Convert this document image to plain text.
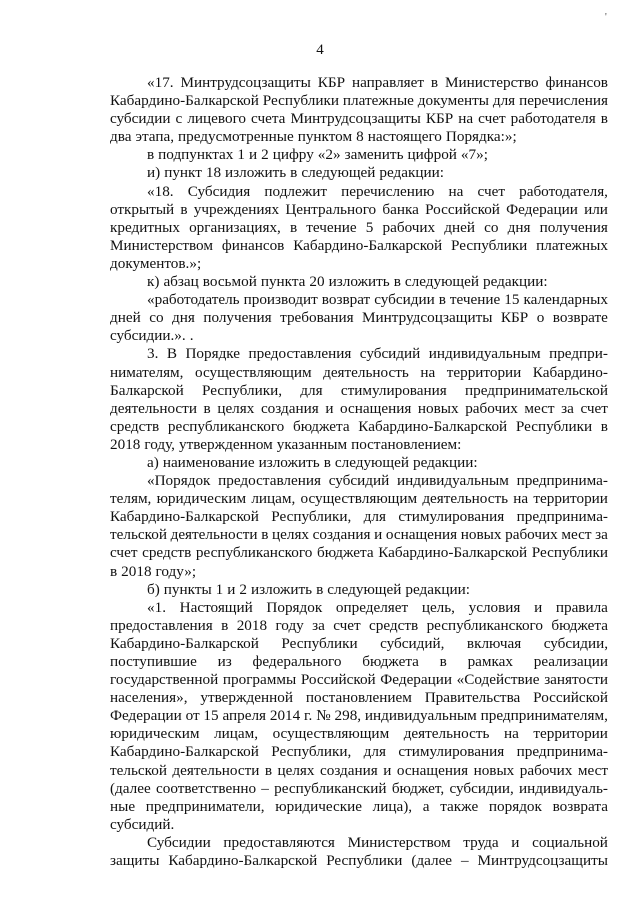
'
4
«17. Минтрудсоцзащиты КБР направляет в Министерство финансов
Кабардино-Балкарской Республики платежные документы для перечисления
субсидии с лицевого счета Минтрудсоцзащиты КБР на счет работодателя в
два этапа, предусмотренные пунктом 8 настоящего Порядка:»;
в подпунктах 1 и 2 цифру «2» заменить цифрой «7»;
и) пункт 18 изложить в следующей редакции:
«18. Субсидия подлежит перечислению на счет работодателя,
открытый в учреждениях Центрального банка Российской Федерации или
кредитных организациях, в течение 5 рабочих дней со дня получения
Министерством финансов Кабардино-Балкарской Республики платежных
документов.»;
к) абзац восьмой пункта 20 изложить в следующей редакции:
«работодатель производит возврат субсидии в течение 15 календарных
дней со дня получения требования Минтрудсоцзащиты КБР о возврате
субсидии.». .
3. В Порядке предоставления субсидий индивидуальным предпри-
нимателям, осуществляющим деятельность на территории Кабардино-
Балкарской Республики, для стимулирования предпринимательской
деятельности в целях создания и оснащения новых рабочих мест за счет
средств республиканского бюджета Кабардино-Балкарской Республики в
2018 году, утвержденном указанным постановлением:
а) наименование изложить в следующей редакции:
«Порядок предоставления субсидий индивидуальным предпринима-
телям, юридическим лицам, осуществляющим деятельность на территории
Кабардино-Балкарской Республики, для стимулирования предпринима-
тельской деятельности в целях создания и оснащения новых рабочих мест за
счет средств республиканского бюджета Кабардино-Балкарской Республики
в 2018 году»;
б) пункты 1 и 2 изложить в следующей редакции:
«1. Настоящий Порядок определяет цель, условия и правила
предоставления в 2018 году за счет средств республиканского бюджета
Кабардино-Балкарской Республики субсидий, включая субсидии,
поступившие из федерального бюджета в рамках реализации
государственной программы Российской Федерации «Содействие занятости
населения», утвержденной постановлением Правительства Российской
Федерации от 15 апреля 2014 г. № 298, индивидуальным предпринимателям,
юридическим лицам, осуществляющим деятельность на территории
Кабардино-Балкарской Республики, для стимулирования предпринима-
тельской деятельности в целях создания и оснащения новых рабочих мест
(далее соответственно – республиканский бюджет, субсидии, индивидуаль-
ные предприниматели, юридические лица), а также порядок возврата
субсидий.
Субсидии предоставляются Министерством труда и социальной
защиты Кабардино-Балкарской Республики (далее – Минтрудсоцзащиты
